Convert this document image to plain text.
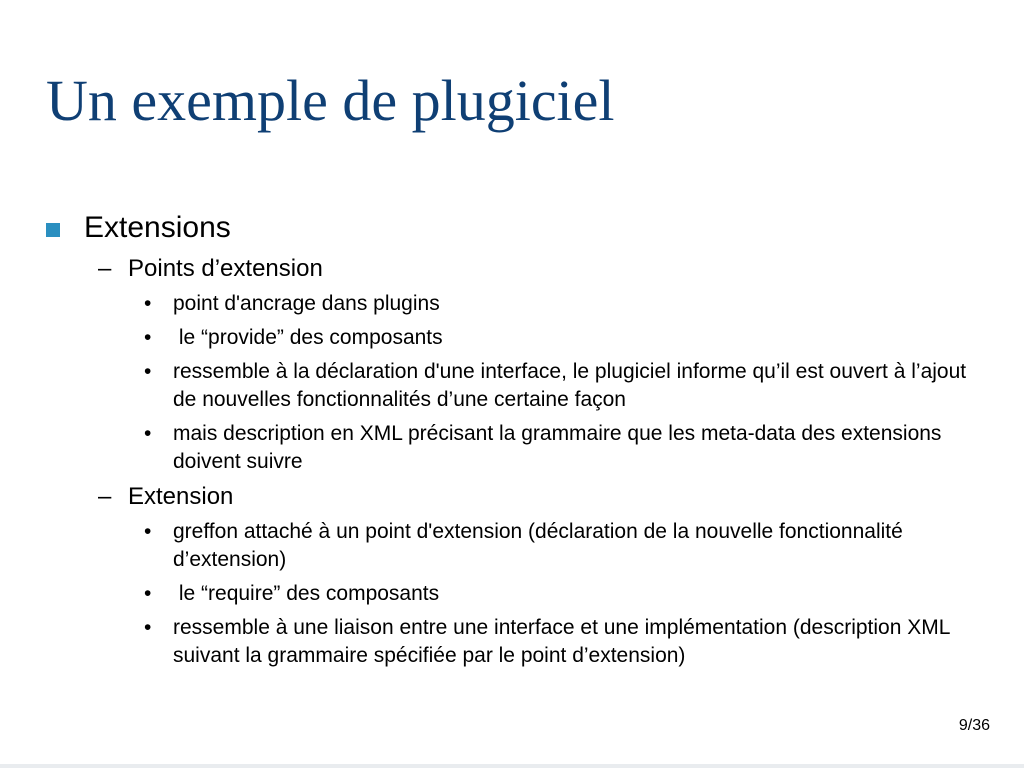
Un exemple de plugiciel
Extensions
– Points d’extension
• point d'ancrage dans plugins
• le “provide” des composants
• ressemble à la déclaration d'une interface, le plugiciel informe qu’il est ouvert à l’ajout de nouvelles fonctionnalités d’une certaine façon
• mais description en XML précisant la grammaire que les meta-data des extensions doivent suivre
– Extension
• greffon attaché à un point d'extension (déclaration de la nouvelle fonctionnalité d’extension)
• le “require” des composants
• ressemble à une liaison entre une interface et une implémentation (description XML suivant la grammaire spécifiée par le point d’extension)
9/36
